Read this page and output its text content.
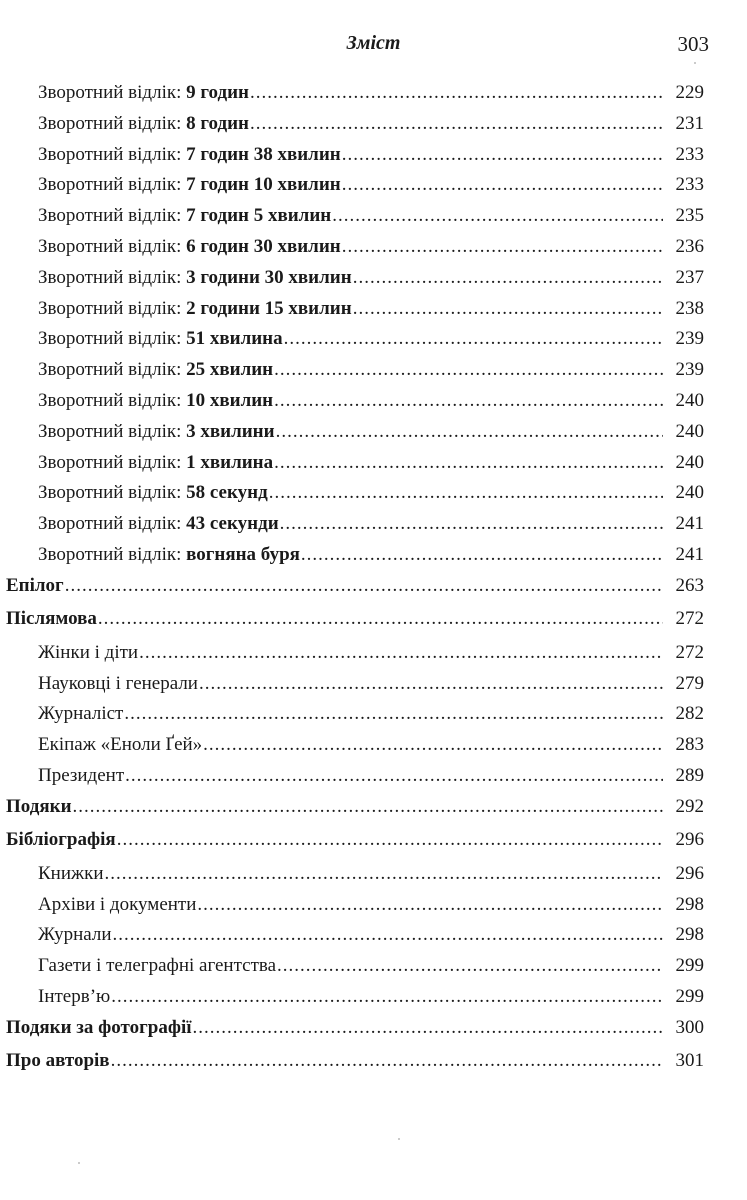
Зміст	303
Зворотний відлік: 9 годин .....	229
Зворотний відлік: 8 годин .....	231
Зворотний відлік: 7 годин 38 хвилин .....	233
Зворотний відлік: 7 годин 10 хвилин .....	233
Зворотний відлік: 7 годин 5 хвилин .....	235
Зворотний відлік: 6 годин 30 хвилин .....	236
Зворотний відлік: 3 години 30 хвилин .....	237
Зворотний відлік: 2 години 15 хвилин .....	238
Зворотний відлік: 51 хвилина .....	239
Зворотний відлік: 25 хвилин .....	239
Зворотний відлік: 10 хвилин .....	240
Зворотний відлік: 3 хвилини .....	240
Зворотний відлік: 1 хвилина .....	240
Зворотний відлік: 58 секунд .....	240
Зворотний відлік: 43 секунди .....	241
Зворотний відлік: вогняна буря .....	241
Епілог .....	263
Післямова .....	272
Жінки і діти .....	272
Науковці і генерали .....	279
Журналіст .....	282
Екіпаж «Еноли Ґей» .....	283
Президент .....	289
Подяки .....	292
Бібліографія .....	296
Книжки .....	296
Архіви і документи .....	298
Журнали .....	298
Газети і телеграфні агентства .....	299
Інтерв’ю .....	299
Подяки за фотографії .....	300
Про авторів .....	301
